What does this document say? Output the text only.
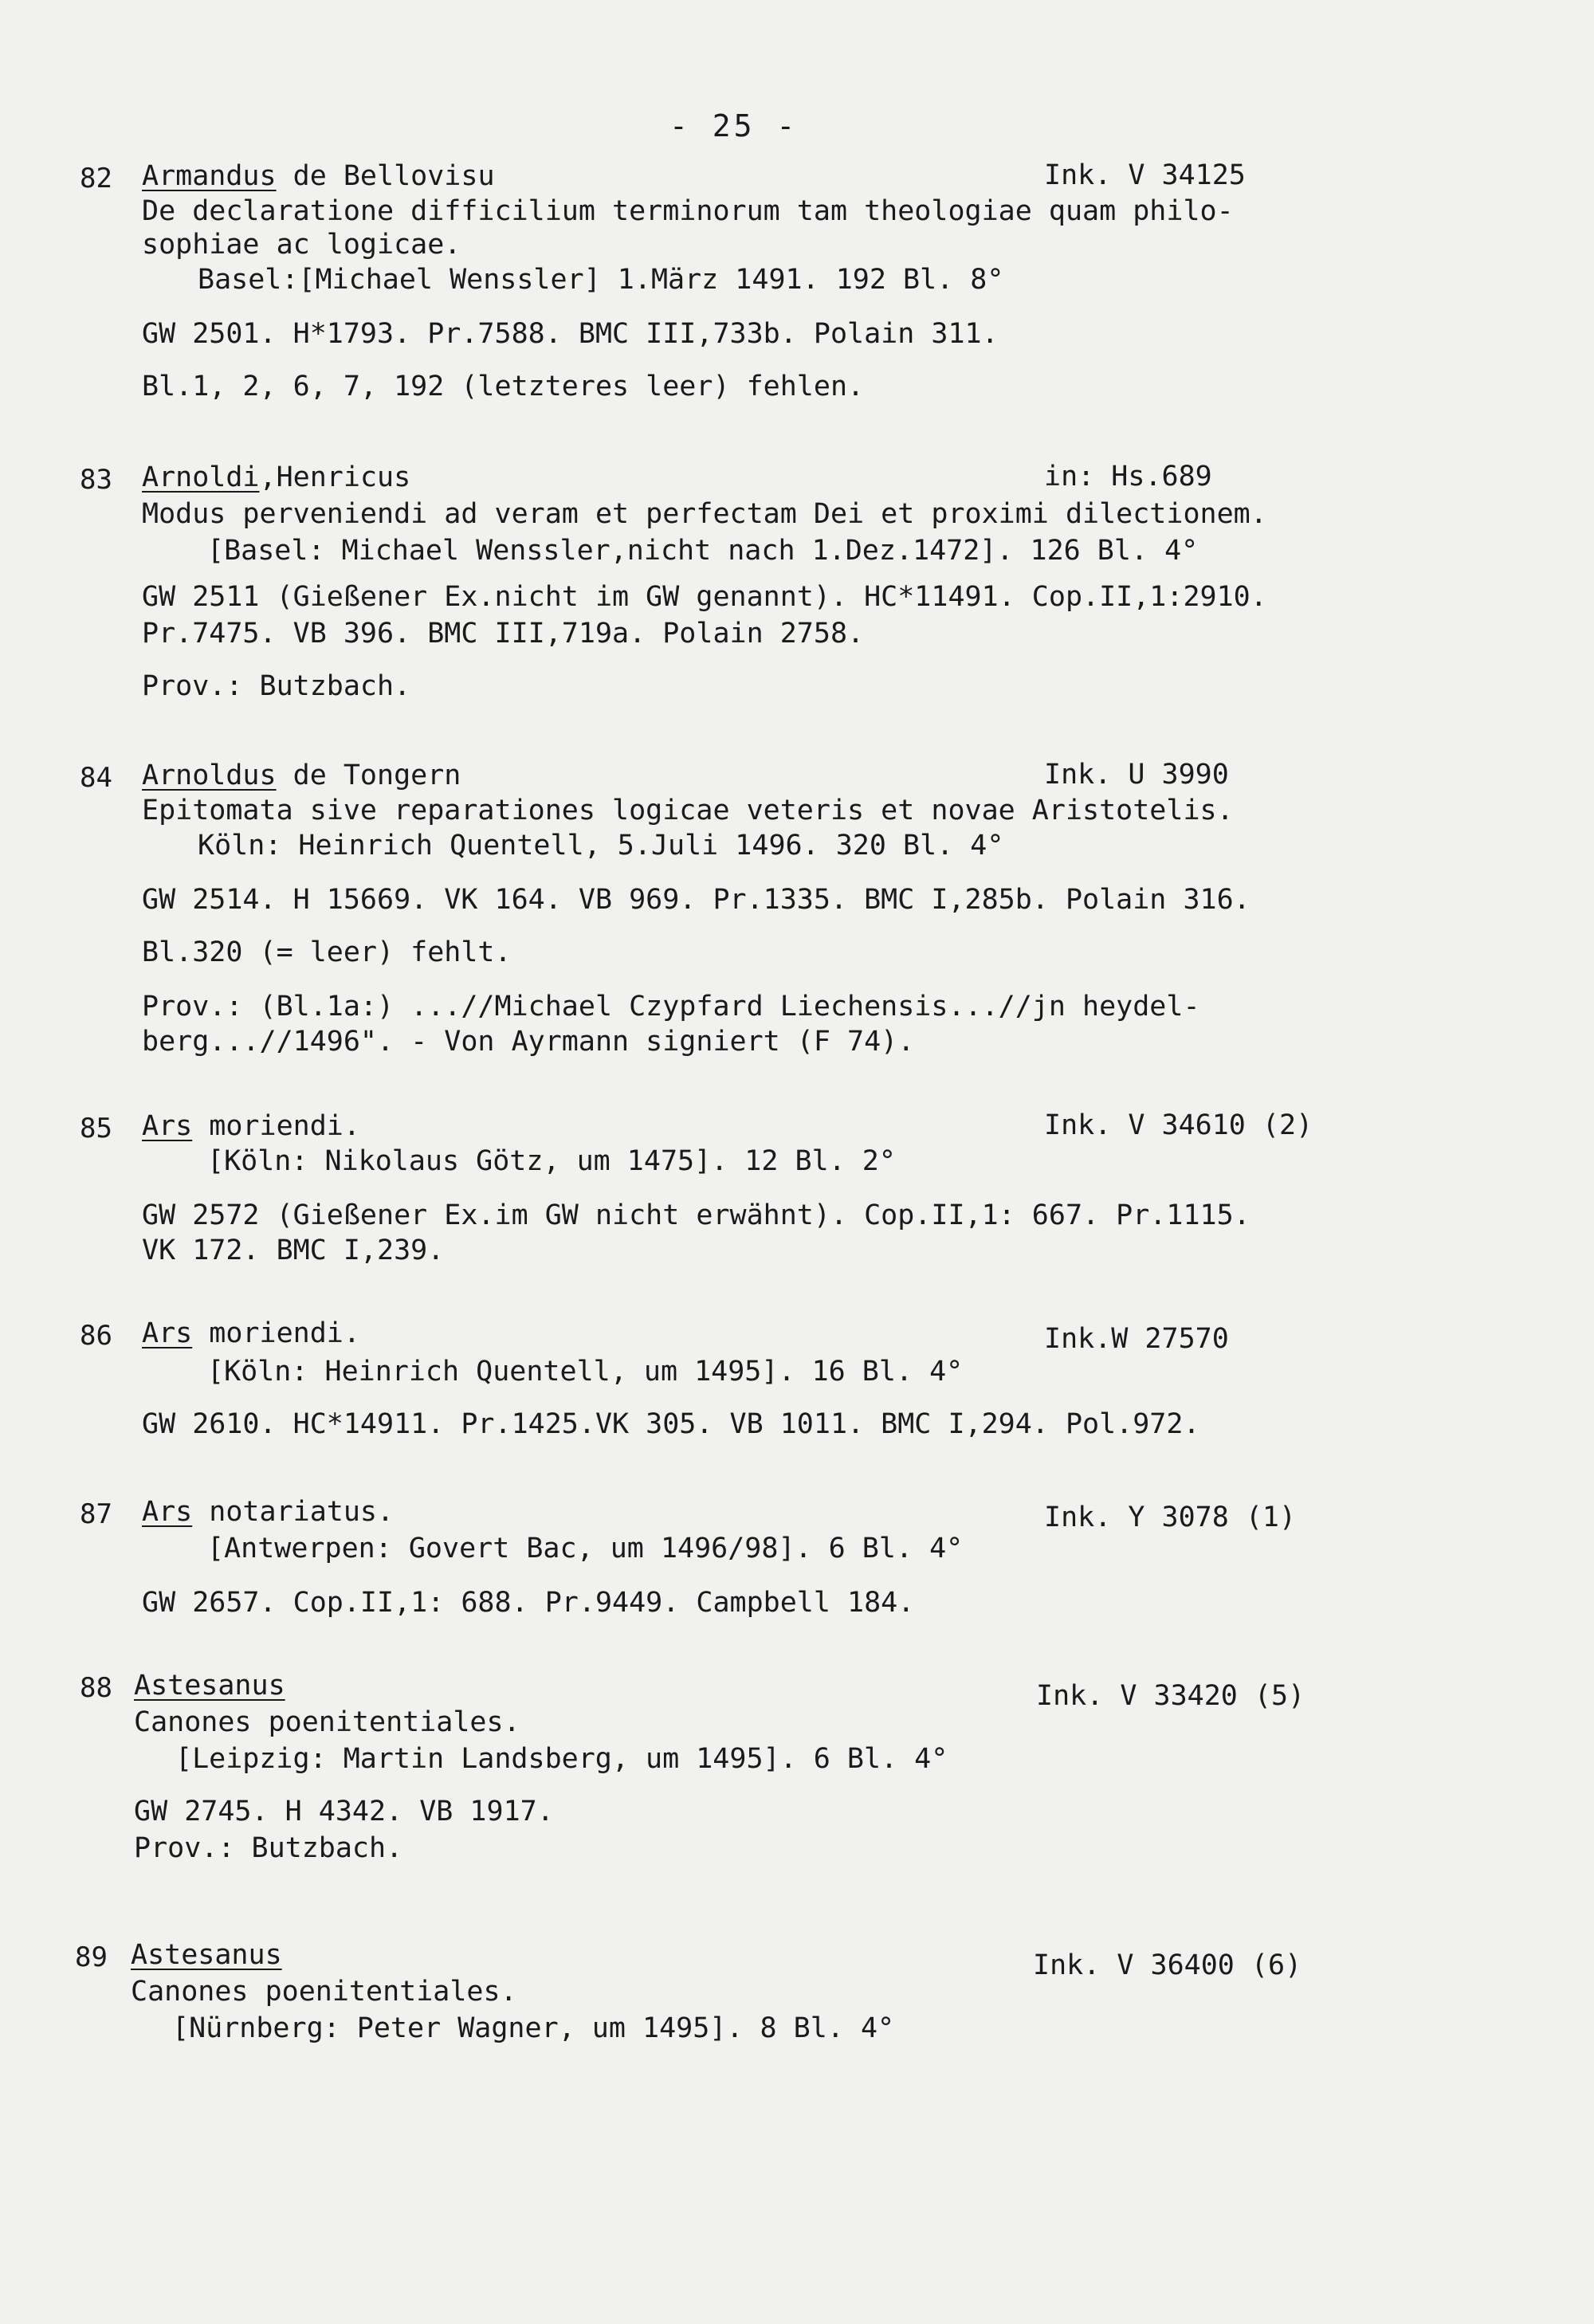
- 25 -
82 Armandus de Bellovisu	Ink. V 34125
De declaratione difficilium terminorum tam theologiae quam philo-
sophiae ac logicae.
Basel:[Michael Wenssler] 1.März 1491. 192 Bl. 8°
GW 2501. H*1793. Pr.7588. BMC III,733b. Polain 311.
Bl.1, 2, 6, 7, 192 (letzteres leer) fehlen.
83 Arnoldi,Henricus	in: Hs.689
Modus perveniendi ad veram et perfectam Dei et proximi dilectionem.
[Basel: Michael Wenssler,nicht nach 1.Dez.1472]. 126 Bl. 4°
GW 2511 (Gießener Ex.nicht im GW genannt). HC*11491. Cop.II,1:2910.
Pr.7475. VB 396. BMC III,719a. Polain 2758.
Prov.: Butzbach.
84 Arnoldus de Tongern	Ink. U 3990
Epitomata sive reparationes logicae veteris et novae Aristotelis.
Köln: Heinrich Quentell, 5.Juli 1496. 320 Bl. 4°
GW 2514. H 15669. VK 164. VB 969. Pr.1335. BMC I,285b. Polain 316.
Bl.320 (= leer) fehlt.
Prov.: (Bl.1a:) ...//Michael Czypfard Liechensis...//jn heydel-
berg...//1496". - Von Ayrmann signiert (F 74).
85 Ars moriendi.	Ink. V 34610 (2)
[Köln: Nikolaus Götz, um 1475]. 12 Bl. 2°
GW 2572 (Gießener Ex.im GW nicht erwähnt). Cop.II,1: 667. Pr.1115.
VK 172. BMC I,239.
86 Ars moriendi.	Ink.W 27570
[Köln: Heinrich Quentell, um 1495]. 16 Bl. 4°
GW 2610. HC*14911. Pr.1425.VK 305. VB 1011. BMC I,294. Pol.972.
87 Ars notariatus.	Ink. Y 3078 (1)
[Antwerpen: Govert Bac, um 1496/98]. 6 Bl. 4°
GW 2657. Cop.II,1: 688. Pr.9449. Campbell 184.
88 Astesanus	Ink. V 33420 (5)
Canones poenitentiales.
[Leipzig: Martin Landsberg, um 1495]. 6 Bl. 4°
GW 2745. H 4342. VB 1917.
Prov.: Butzbach.
89 Astesanus	Ink. V 36400 (6)
Canones poenitentiales.
[Nürnberg: Peter Wagner, um 1495]. 8 Bl. 4°
